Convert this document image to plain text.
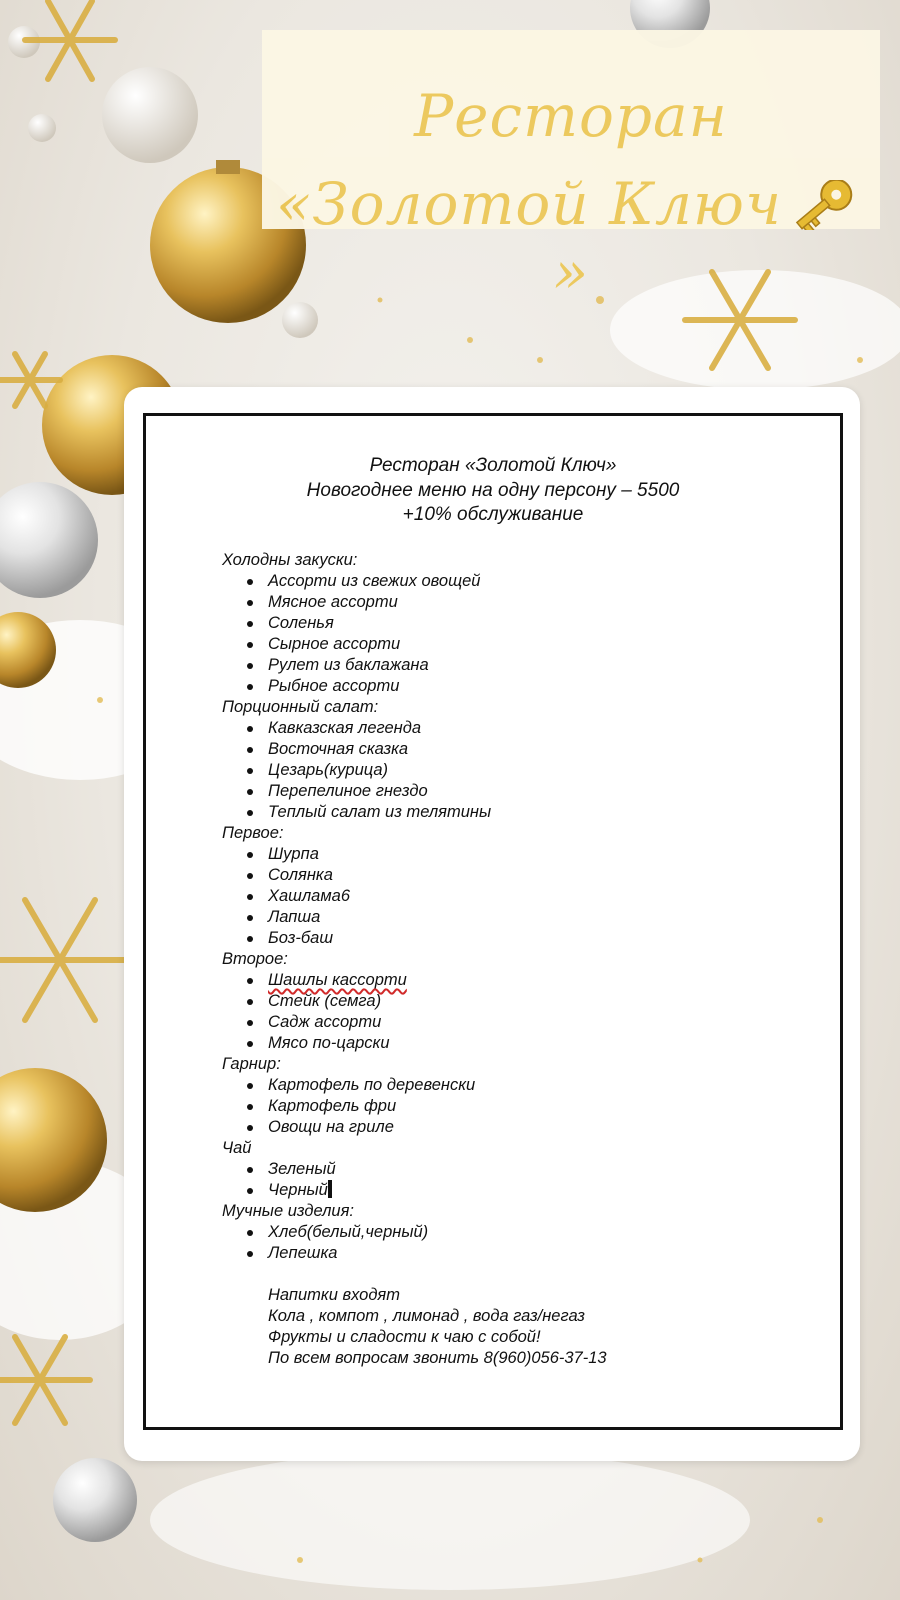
Ресторан
«Золотой Ключ »
Ресторан «Золотой Ключ»
Новогоднее меню на одну персону – 5500
+10% обслуживание
Холодны закуски:
Ассорти из свежих овощей
Мясное ассорти
Соленья
Сырное ассорти
Рулет из баклажана
Рыбное ассорти
Порционный салат:
Кавказская легенда
Восточная сказка
Цезарь(курица)
Перепелиное гнездо
Теплый салат из телятины
Первое:
Шурпа
Солянка
Хашлама6
Лапша
Боз-баш
Второе:
Шашлы кассорти
Стейк (семга)
Садж ассорти
Мясо по-царски
Гарнир:
Картофель по деревенски
Картофель фри
Овощи на гриле
Чай
Зеленый
Черный
Мучные изделия:
Хлеб(белый,черный)
Лепешка
Напитки входят
Кола , компот , лимонад , вода газ/негаз
Фрукты и сладости к чаю с собой!
По всем вопросам звонить 8(960)056-37-13
